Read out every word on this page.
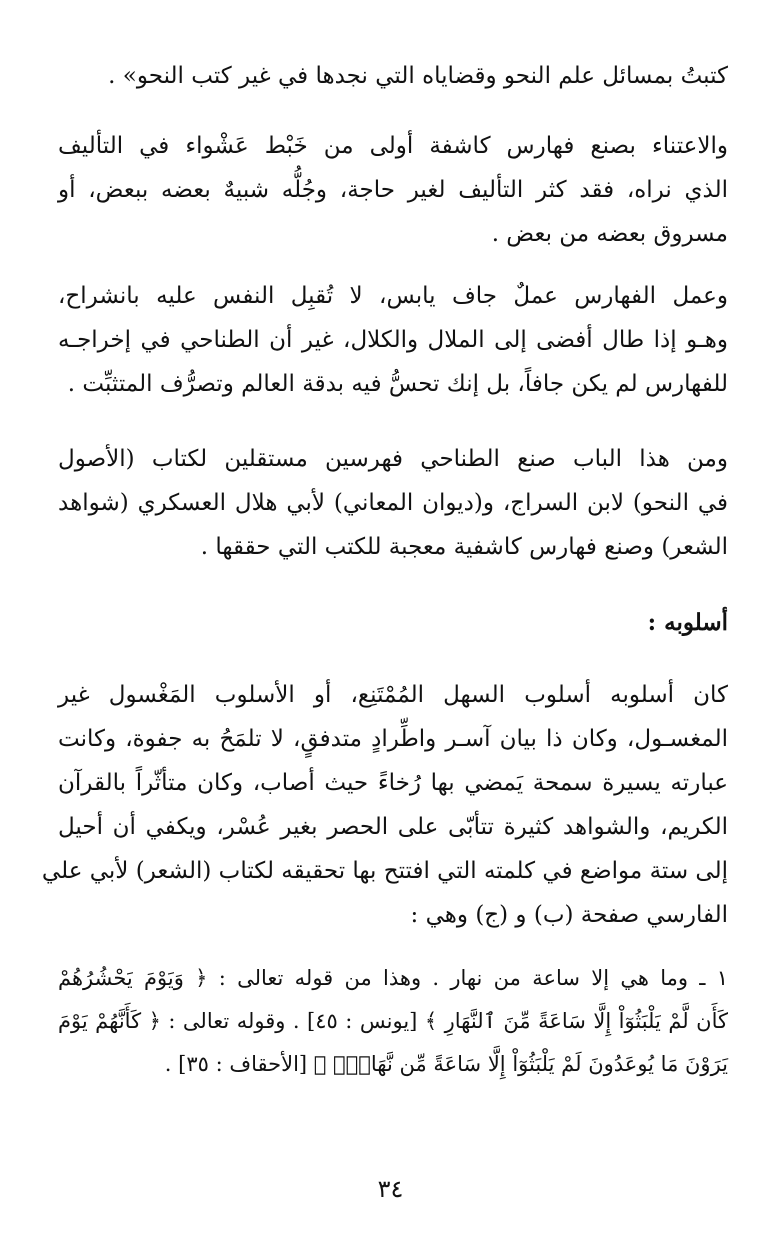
كتبتُ بمسائل علم النحو وقضاياه التي نجدها في غير كتب النحو» .
والاعتناء بصنع فهارس كاشفة أولى من خَبْط عَشْواء في التأليف
الذي نراه، فقد كثر التأليف لغير حاجة، وجُلُّه شبيهٌ بعضه ببعض، أو
مسروق بعضه من بعض .
وعمل الفهارس عملٌ جاف يابس، لا تُقبِل النفس عليه بانشراح،
وهـو إذا طال أفضى إلى الملال والكلال، غير أن الطناحي في إخراجـه
للفهارس لم يكن جافاً، بل إنك تحسُّ فيه بدقة العالم وتصرُّف المتثبِّت .
ومن هذا الباب صنع الطناحي فهرسين مستقلين لكتاب (الأصول
في النحو) لابن السراج، و(ديوان المعاني) لأبي هلال العسكري (شواهد
الشعر) وصنع فهارس كاشفية معجبة للكتب التي حققها .
أسلوبه :
كان أسلوبه أسلوب السهل المُمْتَنِع، أو الأسلوب المَغْسول غير
المغسـول، وكان ذا بيان آسـر واطِّرادٍ متدفقٍ، لا تلمَحُ به جفوة، وكانت
عبارته يسيرة سمحة يَمضي بها رُخاءً حيث أصاب، وكان متأثّراً بالقرآن
الكريم، والشواهد كثيرة تتأبّى على الحصر بغير عُسْر، ويكفي أن أحيل
إلى ستة مواضع في كلمته التي افتتح بها تحقيقه لكتاب (الشعر) لأبي علي
الفارسي صفحة (ب) و (ج) وهي :
١ ـ وما هي إلا ساعة من نهار . وهذا من قوله تعالى : ﴿ وَيَوْمَ يَحْشُرُهُمْ
كَأَن لَّمْ يَلْبَثُوٓاْ إِلَّا سَاعَةً مِّنَ ٱلنَّهَارِ ﴾ [يونس : ٤٥] . وقوله تعالى : ﴿ كَأَنَّهُمْ يَوْمَ
يَرَوْنَ مَا يُوعَدُونَ لَمْ يَلْبَثُوٓاْ إِلَّا سَاعَةً مِّن نَّهَارٍۭ ﴾ [الأحقاف : ٣٥] .
٣٤
